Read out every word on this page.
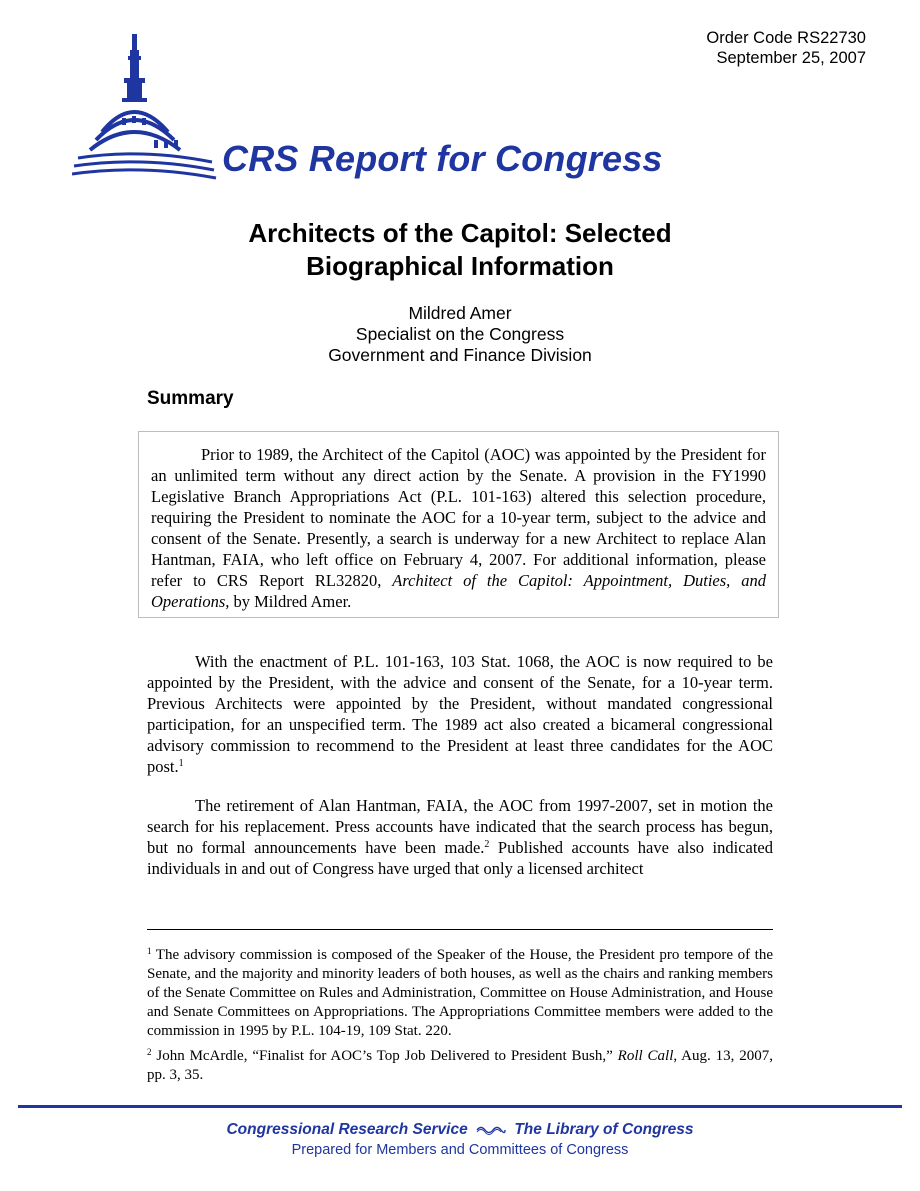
Order Code RS22730
September 25, 2007
CRS Report for Congress
Architects of the Capitol: Selected
Biographical Information
Mildred Amer
Specialist on the Congress
Government and Finance Division
Summary

Prior to 1989, the Architect of the Capitol (AOC) was appointed by the President for an unlimited term without any direct action by the Senate. A provision in the FY1990 Legislative Branch Appropriations Act (P.L. 101-163) altered this selection procedure, requiring the President to nominate the AOC for a 10-year term, subject to the advice and consent of the Senate. Presently, a search is underway for a new Architect to replace Alan Hantman, FAIA, who left office on February 4, 2007. For additional information, please refer to CRS Report RL32820, Architect of the Capitol: Appointment, Duties, and Operations, by Mildred Amer.

With the enactment of P.L. 101-163, 103 Stat. 1068, the AOC is now required to be appointed by the President, with the advice and consent of the Senate, for a 10-year term. Previous Architects were appointed by the President, without mandated congressional participation, for an unspecified term. The 1989 act also created a bicameral congressional advisory commission to recommend to the President at least three candidates for the AOC post.$^1$

The retirement of Alan Hantman, FAIA, the AOC from 1997-2007, set in motion the search for his replacement. Press accounts have indicated that the search process has begun, but no formal announcements have been made.$^2$ Published accounts have also indicated individuals in and out of Congress have urged that only a licensed architect

$^1$ The advisory commission is composed of the Speaker of the House, the President pro tempore of the Senate, and the majority and minority leaders of both houses, as well as the chairs and ranking members of the Senate Committee on Rules and Administration, Committee on House Administration, and House and Senate Committees on Appropriations. The Appropriations Committee members were added to the commission in 1995 by P.L. 104-19, 109 Stat. 220.

$^2$ John McArdle, “Finalist for AOC’s Top Job Delivered to President Bush,” Roll Call, Aug. 13, 2007, pp. 3, 35.

Congressional Research Service	The Library of Congress
Prepared for Members and Committees of Congress
